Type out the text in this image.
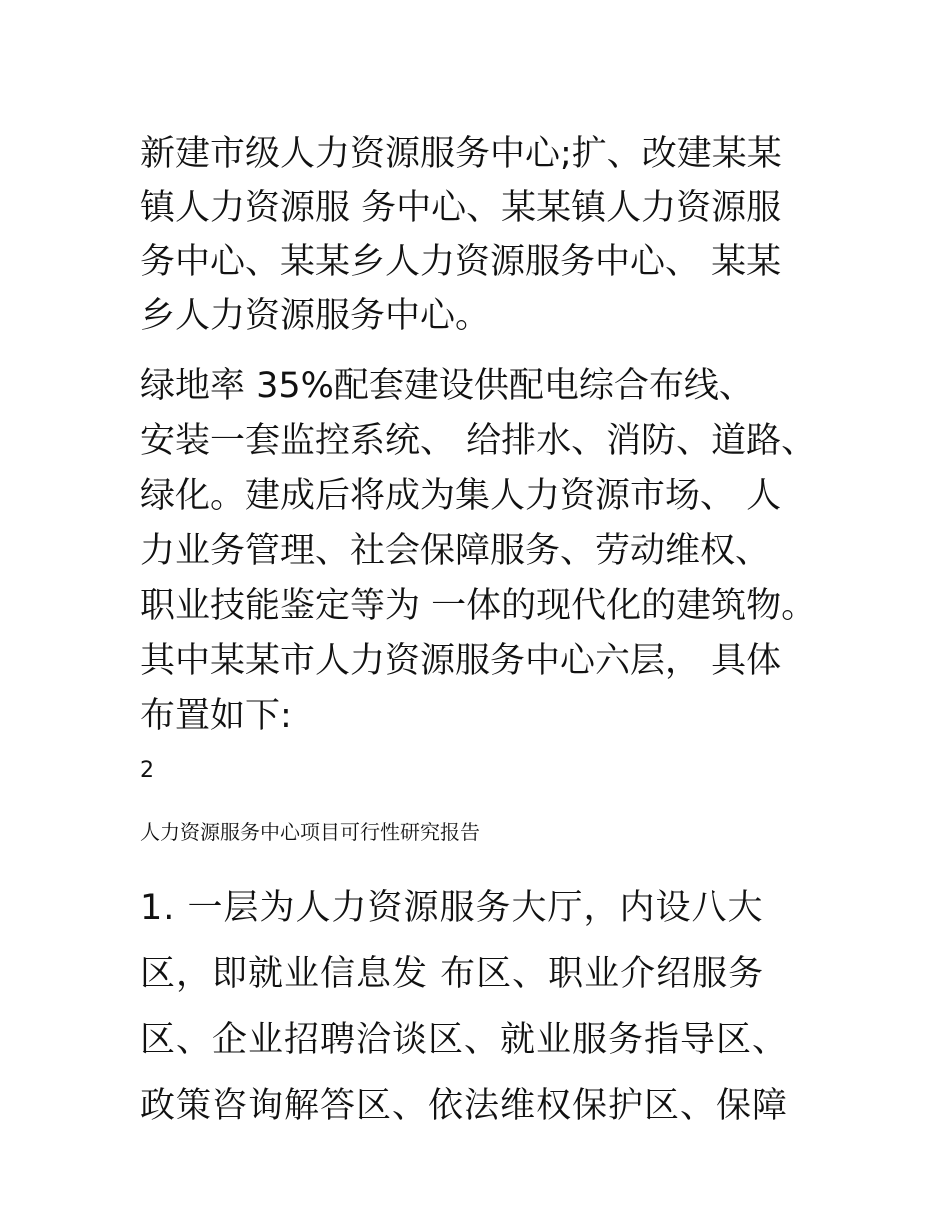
新建市级人力资源服务中心;扩、改建某某
镇人力资源服 务中心、某某镇人力资源服
务中心、某某乡人力资源服务中心、 某某
乡人力资源服务中心。
绿地率 35%配套建设供配电综合布线、
安装一套监控系统、 给排水、消防、道路、
绿化。建成后将成为集人力资源市场、 人
力业务管理、社会保障服务、劳动维权、
职业技能鉴定等为 一体的现代化的建筑物。
其中某某市人力资源服务中心六层， 具体
布置如下:
2
人力资源服务中心项目可行性研究报告
1. 一层为人力资源服务大厅，内设八大
区，即就业信息发 布区、职业介绍服务
区、企业招聘洽谈区、就业服务指导区、
政策咨询解答区、依法维权保护区、保障
